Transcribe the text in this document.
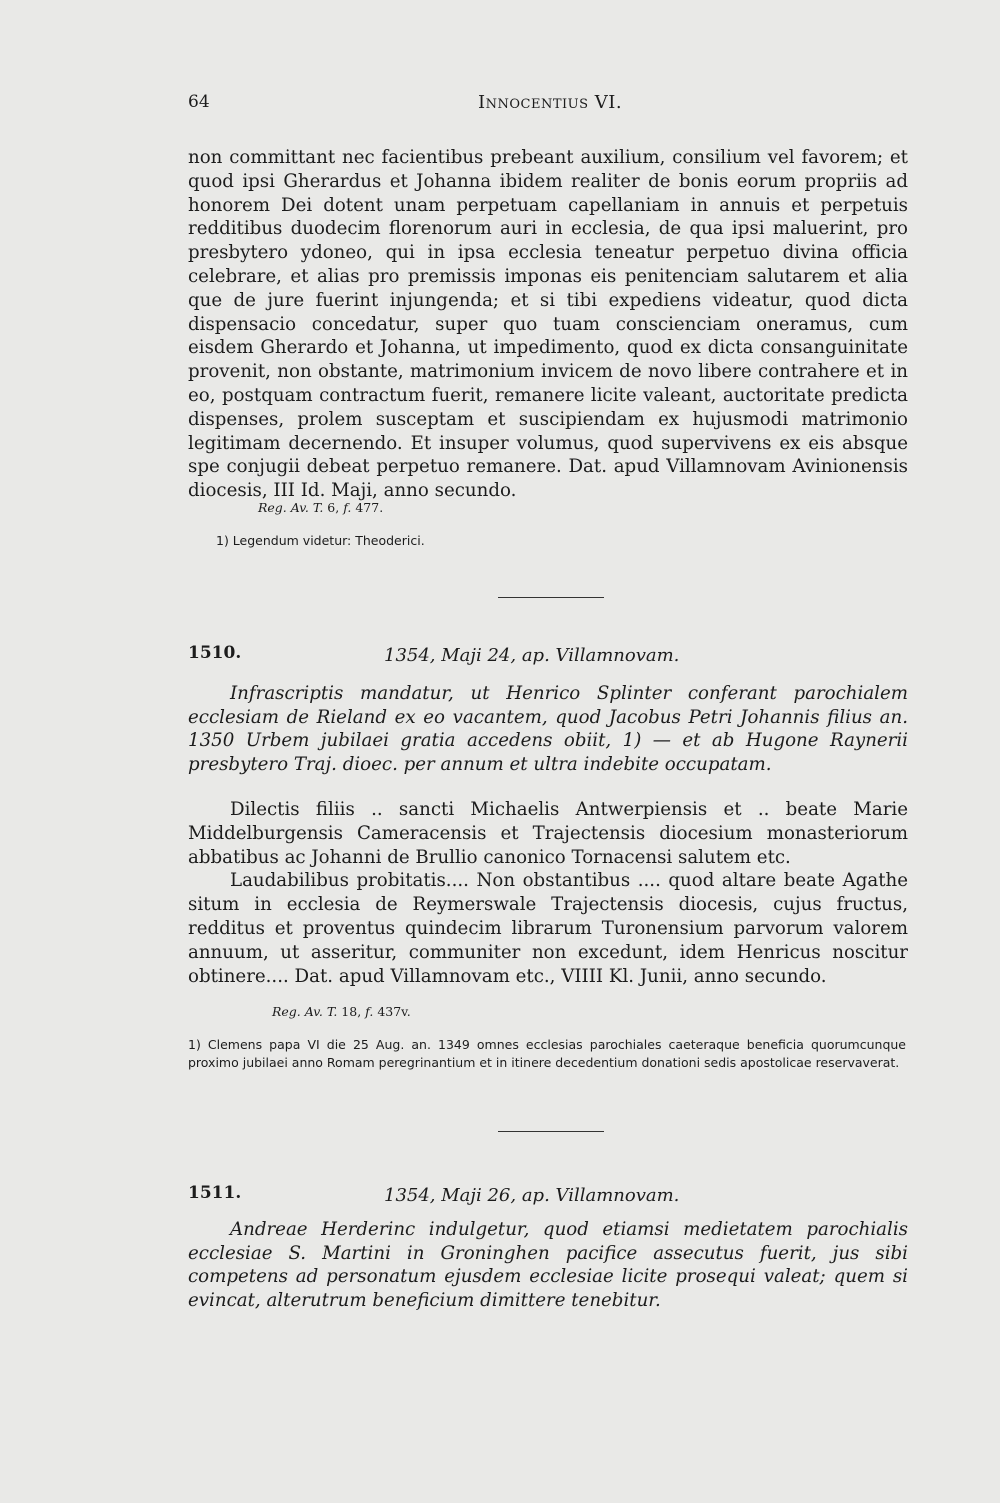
64	Innocentius VI.

non committant nec facientibus prebeant auxilium, consilium vel favorem; et quod ipsi Gherardus et Johanna ibidem realiter de bonis eorum propriis ad honorem Dei dotent unam perpetuam capellaniam in annuis et perpetuis redditibus duodecim florenorum auri in ecclesia, de qua ipsi maluerint, pro presbytero ydoneo, qui in ipsa ecclesia teneatur perpetuo divina officia celebrare, et alias pro premissis imponas eis penitenciam salutarem et alia que de jure fuerint injungenda; et si tibi expediens videatur, quod dicta dispensacio concedatur, super quo tuam conscienciam oneramus, cum eisdem Gherardo et Johanna, ut impedimento, quod ex dicta consanguinitate provenit, non obstante, matrimonium invicem de novo libere contrahere et in eo, postquam contractum fuerit, remanere licite valeant, auctoritate predicta dispenses, prolem susceptam et suscipiendam ex hujusmodi matrimonio legitimam decernendo. Et insuper volumus, quod supervivens ex eis absque spe conjugii debeat perpetuo remanere. Dat. apud Villamnovam Avinionensis diocesis, III Id. Maji, anno secundo.

Reg. Av. T. 6, f. 477.
1) Legendum videtur: Theoderici.
1510.	1354, Maji 24, ap. Villamnovam.

Infrascriptis mandatur, ut Henrico Splinter conferant parochialem ecclesiam de Rieland ex eo vacantem, quod Jacobus Petri Johannis filius an. 1350 Urbem jubilaei gratia accedens obiit, 1) — et ab Hugone Raynerii presbytero Traj. dioec. per annum et ultra indebite occupatam.

Dilectis filiis .. sancti Michaelis Antwerpiensis et .. beate Marie Middelburgensis Cameracensis et Trajectensis diocesium monasteriorum abbatibus ac Johanni de Brullio canonico Tornacensi salutem etc.

Laudabilibus probitatis.... Non obstantibus .... quod altare beate Agathe situm in ecclesia de Reymerswale Trajectensis diocesis, cujus fructus, redditus et proventus quindecim librarum Turonensium parvorum valorem annuum, ut asseritur, communiter non excedunt, idem Henricus noscitur obtinere.... Dat. apud Villamnovam etc., VIIII Kl. Junii, anno secundo.

Reg. Av. T. 18, f. 437v.
1) Clemens papa VI die 25 Aug. an. 1349 omnes ecclesias parochiales caeteraque beneficia quorumcunque proximo jubilaei anno Romam peregrinantium et in itinere decedentium donationi sedis apostolicae reservaverat.
1511.	1354, Maji 26, ap. Villamnovam.

Andreae Herderinc indulgetur, quod etiamsi medietatem parochialis ecclesiae S. Martini in Groninghen pacifice assecutus fuerit, jus sibi competens ad personatum ejusdem ecclesiae licite prosequi valeat; quem si evincat, alterutrum beneficium dimittere tenebitur.
